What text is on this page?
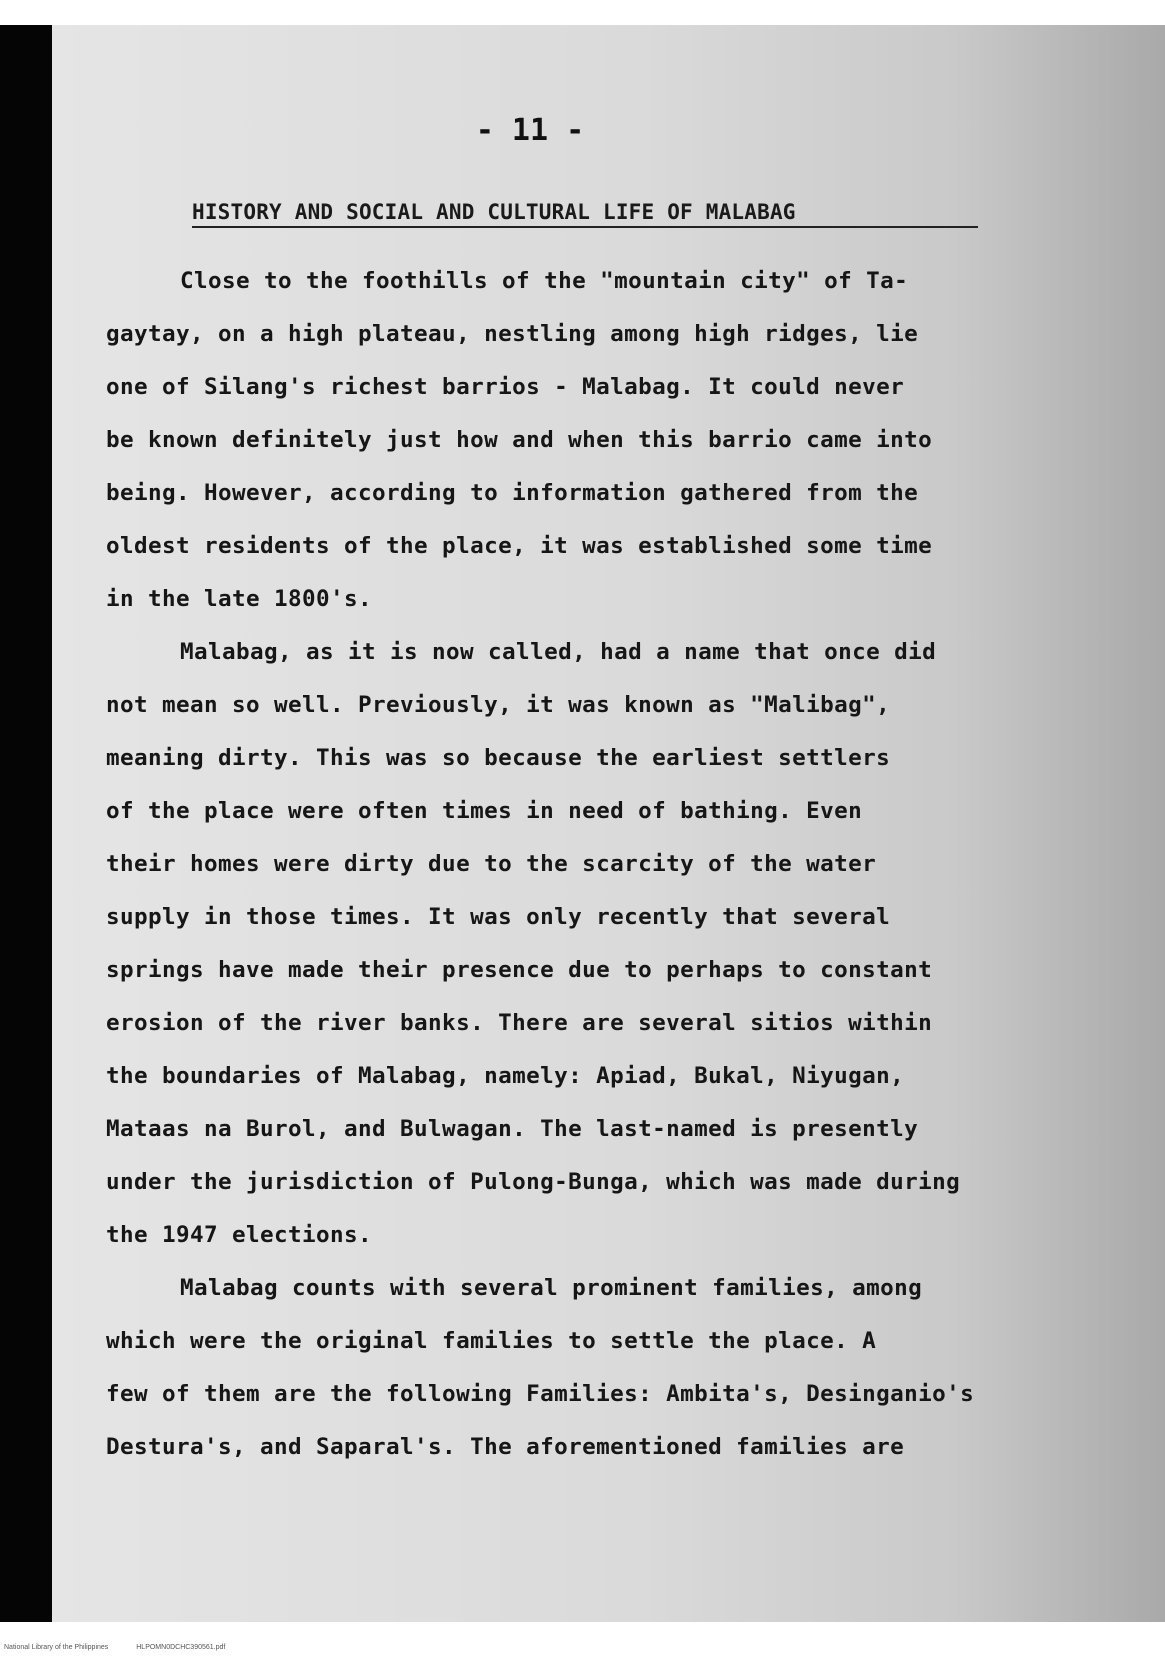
- 11 -
HISTORY AND SOCIAL AND CULTURAL LIFE OF MALABAG
Close to the foothills of the "mountain city" of Ta-
gaytay, on a high plateau, nestling among high ridges, lie
one of Silang's richest barrios - Malabag. It could never
be known definitely just how and when this barrio came into
being. However, according to information gathered from the
oldest residents of the place, it was established some time
in the late 1800's.
Malabag, as it is now called, had a name that once did
not mean so well. Previously, it was known as "Malibag",
meaning dirty. This was so because the earliest settlers
of the place were often times in need of bathing. Even
their homes were dirty due to the scarcity of the water
supply in those times. It was only recently that several
springs have made their presence due to perhaps to constant
erosion of the river banks. There are several sitios within
the boundaries of Malabag, namely: Apiad, Bukal, Niyugan,
Mataas na Burol, and Bulwagan. The last-named is presently
under the jurisdiction of Pulong-Bunga, which was made during
the 1947 elections.
Malabag counts with several prominent families, among
which were the original families to settle the place. A
few of them are the following Families: Ambita's, Desinganio's
Destura's, and Saparal's. The aforementioned families are
National Library of the Philippines	HLPOMN0DCHC390561.pdf
